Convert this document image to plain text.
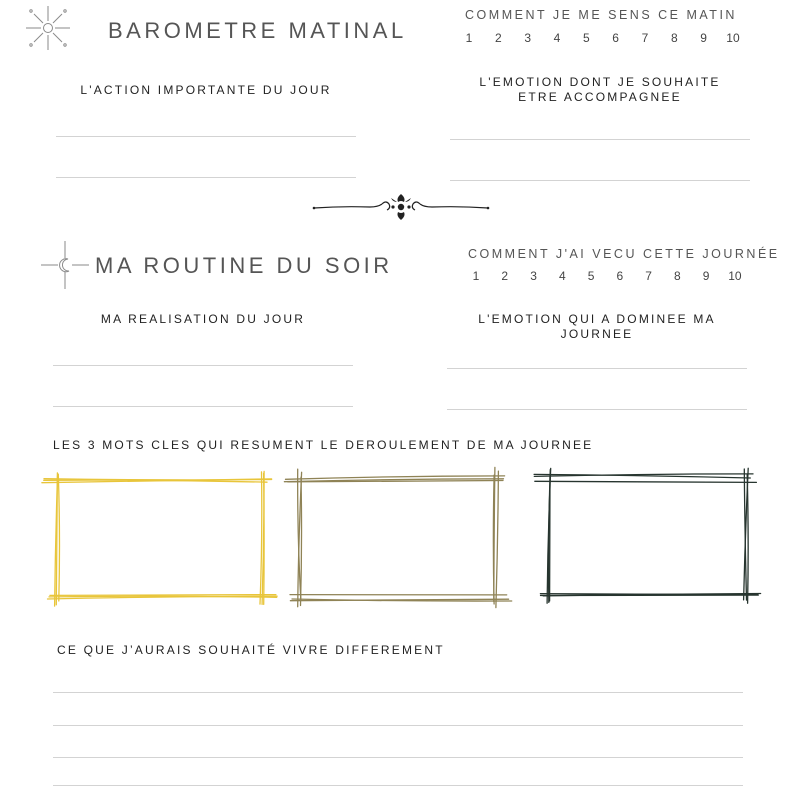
BAROMETRE MATINAL
COMMENT JE ME SENS CE MATIN
1	2	3	4	5	6	7	8	9	10
L'ACTION IMPORTANTE DU JOUR
L'EMOTION DONT JE SOUHAITE
ETRE ACCOMPAGNEE
MA ROUTINE DU SOIR	COMMENT J'AI VECU CETTE JOURNÉE
1	2	3	4	5	6	7	8	9	10
MA REALISATION DU JOUR	L'EMOTION QUI A DOMINEE MA
JOURNEE
LES 3 MOTS CLES QUI RESUMENT LE DEROULEMENT DE MA JOURNEE
CE QUE J’AURAIS SOUHAITÉ VIVRE DIFFEREMENT
